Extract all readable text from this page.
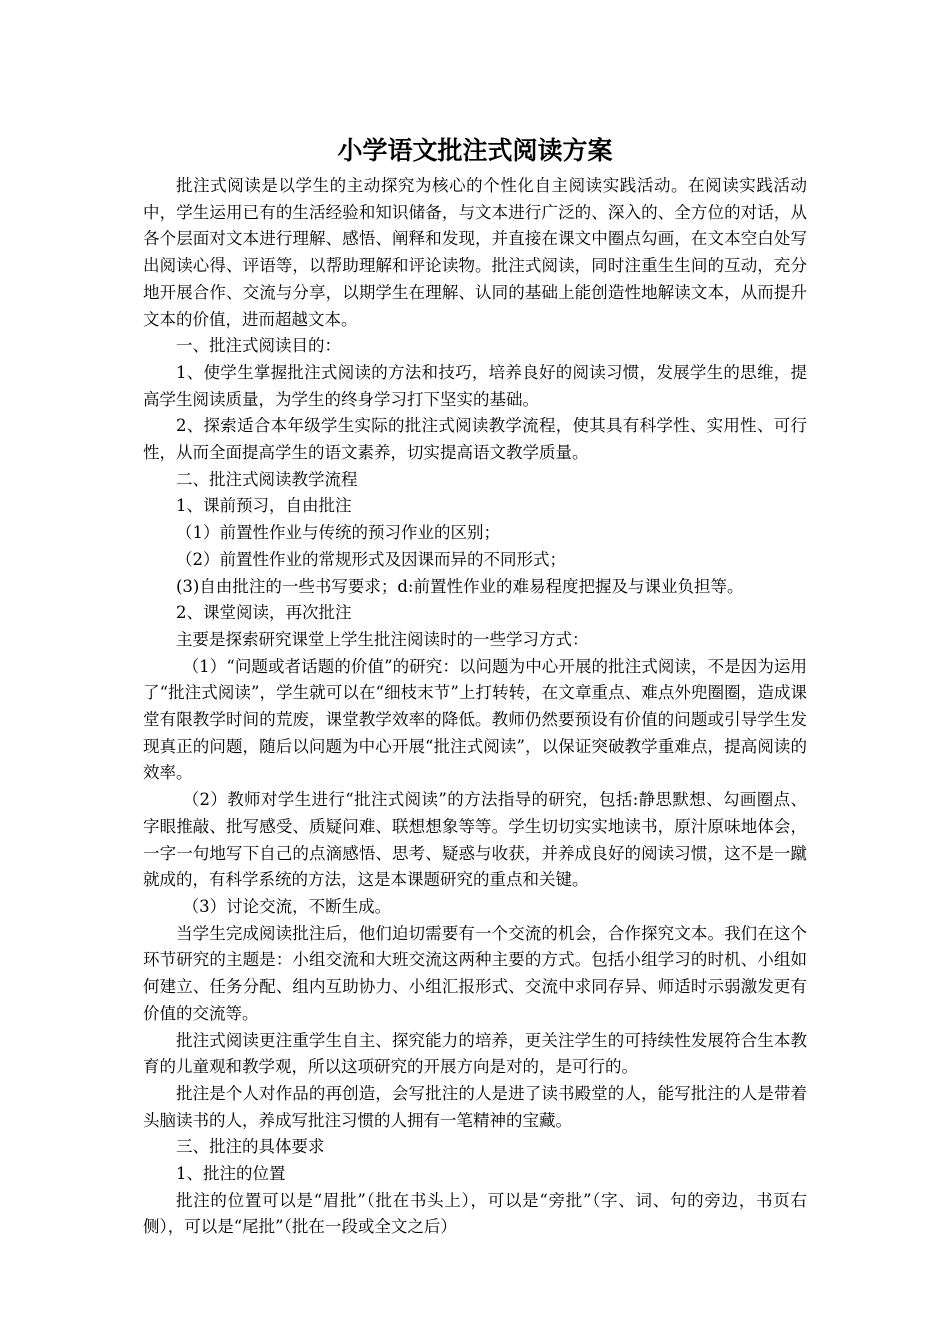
小学语文批注式阅读方案

批注式阅读是以学生的主动探究为核心的个性化自主阅读实践活动。在阅读实践活动中，学生运用已有的生活经验和知识储备，与文本进行广泛的、深入的、全方位的对话，从各个层面对文本进行理解、感悟、阐释和发现，并直接在课文中圈点勾画，在文本空白处写出阅读心得、评语等，以帮助理解和评论读物。批注式阅读，同时注重生生间的互动，充分地开展合作、交流与分享，以期学生在理解、认同的基础上能创造性地解读文本，从而提升文本的价值，进而超越文本。

一、批注式阅读目的：

1、使学生掌握批注式阅读的方法和技巧，培养良好的阅读习惯，发展学生的思维，提高学生阅读质量，为学生的终身学习打下坚实的基础。

2、探索适合本年级学生实际的批注式阅读教学流程，使其具有科学性、实用性、可行性，从而全面提高学生的语文素养，切实提高语文教学质量。

二、批注式阅读教学流程

1、课前预习，自由批注

（1）前置性作业与传统的预习作业的区别；

（2）前置性作业的常规形式及因课而异的不同形式；

(3)自由批注的一些书写要求；d:前置性作业的难易程度把握及与课业负担等。

2、课堂阅读，再次批注

主要是探索研究课堂上学生批注阅读时的一些学习方式：

（1）“问题或者话题的价值”的研究：以问题为中心开展的批注式阅读，不是因为运用了“批注式阅读”，学生就可以在“细枝末节”上打转转，在文章重点、难点外兜圈圈，造成课堂有限教学时间的荒废，课堂教学效率的降低。教师仍然要预设有价值的问题或引导学生发现真正的问题，随后以问题为中心开展“批注式阅读”，以保证突破教学重难点，提高阅读的效率。

（2）教师对学生进行“批注式阅读”的方法指导的研究，包括:静思默想、勾画圈点、字眼推敲、批写感受、质疑问难、联想想象等等。学生切切实实地读书，原汁原味地体会，一字一句地写下自己的点滴感悟、思考、疑惑与收获，并养成良好的阅读习惯，这不是一蹴就成的，有科学系统的方法，这是本课题研究的重点和关键。

（3）讨论交流，不断生成。

当学生完成阅读批注后，他们迫切需要有一个交流的机会，合作探究文本。我们在这个环节研究的主题是：小组交流和大班交流这两种主要的方式。包括小组学习的时机、小组如何建立、任务分配、组内互助协力、小组汇报形式、交流中求同存异、师适时示弱激发更有价值的交流等。

批注式阅读更注重学生自主、探究能力的培养，更关注学生的可持续性发展符合生本教育的儿童观和教学观，所以这项研究的开展方向是对的，是可行的。

批注是个人对作品的再创造，会写批注的人是进了读书殿堂的人，能写批注的人是带着头脑读书的人，养成写批注习惯的人拥有一笔精神的宝藏。

三、批注的具体要求

1、批注的位置

批注的位置可以是“眉批”（批在书头上），可以是“旁批”（字、词、句的旁边，书页右侧），可以是“尾批”（批在一段或全文之后）
